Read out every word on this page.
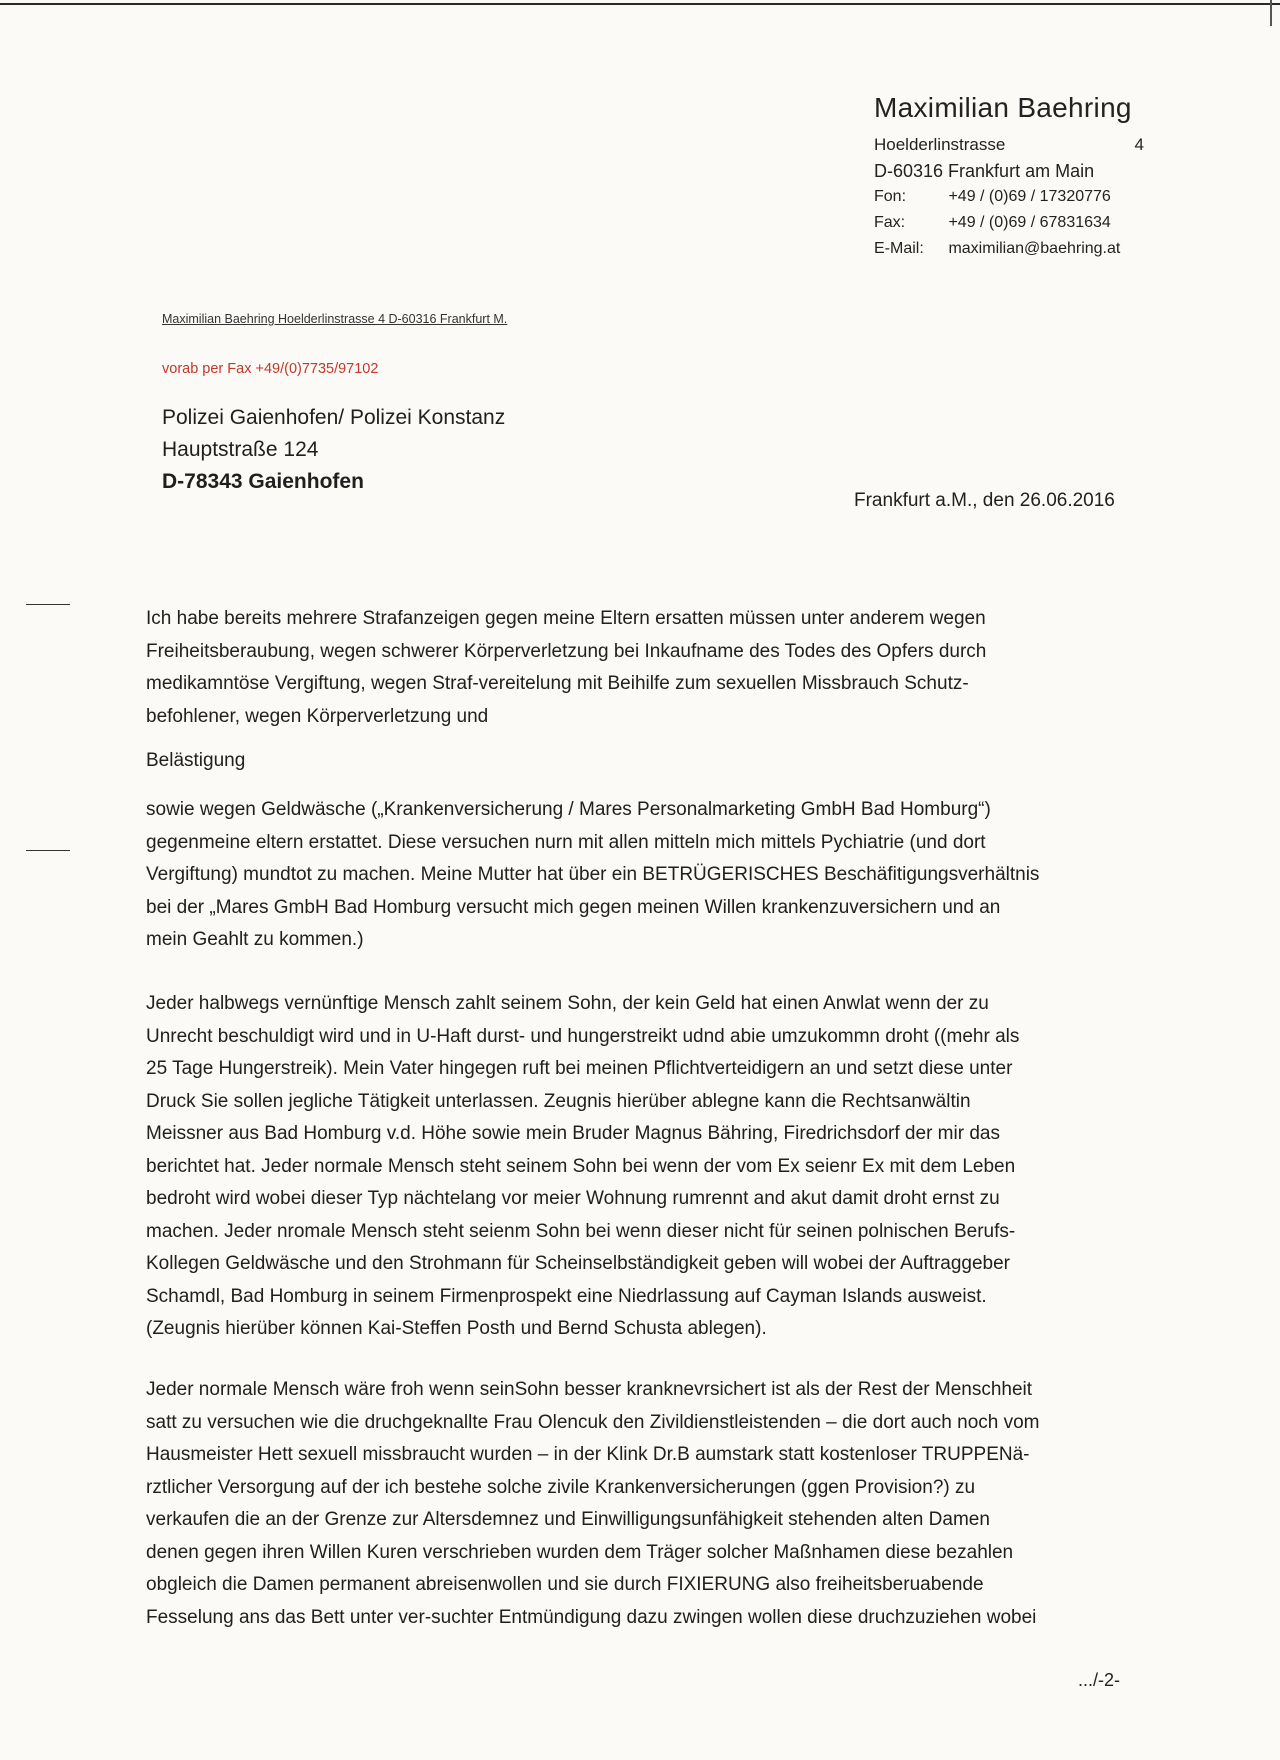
Maximilian Baehring
Hoelderlinstrasse	4
D-60316 Frankfurt am Main
Fon:	+49 / (0)69 / 17320776
Fax:	+49 / (0)69 / 67831634
E-Mail: maximilian@baehring.at
Maximilian Baehring Hoelderlinstrasse 4 D-60316 Frankfurt M.
vorab per Fax +49/(0)7735/97102
Polizei Gaienhofen/ Polizei Konstanz
Hauptstraße 124
D-78343 Gaienhofen
Frankfurt a.M., den 26.06.2016

Ich habe bereits mehrere Strafanzeigen gegen meine Eltern ersatten müssen unter anderem wegen

Freiheitsberaubung, wegen schwerer Körperverletzung bei Inkaufname des Todes des Opfers durch

medikamntöse Vergiftung, wegen Straf-vereitelung mit Beihilfe zum sexuellen Missbrauch Schutz-

befohlener, wegen Körperverletzung und

Belästigung

sowie wegen Geldwäsche („Krankenversicherung / Mares Personalmarketing GmbH Bad Homburg“)

gegenmeine eltern erstattet. Diese versuchen nurn mit allen mitteln mich mittels Pychiatrie (und dort

Vergiftung) mundtot zu machen. Meine Mutter hat über ein BETRÜGERISCHES Beschäfitigungsverhältnis

bei der „Mares GmbH Bad Homburg versucht mich gegen meinen Willen krankenzuversichern und an

mein Geahlt zu kommen.)

Jeder halbwegs vernünftige Mensch zahlt seinem Sohn, der kein Geld hat einen Anwlat wenn der zu

Unrecht beschuldigt wird und in U-Haft durst- und hungerstreikt udnd abie umzukommn droht ((mehr als

25 Tage Hungerstreik). Mein Vater hingegen ruft bei meinen Pflichtverteidigern an und setzt diese unter

Druck Sie sollen jegliche Tätigkeit unterlassen. Zeugnis hierüber ablegne kann die Rechtsanwältin

Meissner aus Bad Homburg v.d. Höhe sowie mein Bruder Magnus Bähring, Firedrichsdorf der mir das

berichtet hat. Jeder normale Mensch steht seinem Sohn bei wenn der vom Ex seienr Ex mit dem Leben

bedroht wird wobei dieser Typ nächtelang vor meier Wohnung rumrennt and akut damit droht ernst zu

machen. Jeder nromale Mensch steht seienm Sohn bei wenn dieser nicht für seinen polnischen Berufs-

Kollegen Geldwäsche und den Strohmann für Scheinselbständigkeit geben will wobei der Auftraggeber

Schamdl, Bad Homburg in seinem Firmenprospekt eine Niedrlassung auf Cayman Islands ausweist.

(Zeugnis hierüber können Kai-Steffen Posth und Bernd Schusta ablegen).

Jeder normale Mensch wäre froh wenn seinSohn besser kranknevrsichert ist als der Rest der Menschheit

satt zu versuchen wie die druchgeknallte Frau Olencuk den Zivildienstleistenden – die dort auch noch vom

Hausmeister Hett sexuell missbraucht wurden – in der Klink Dr.B aumstark statt kostenloser TRUPPENä-

rztlicher Versorgung auf der ich bestehe solche zivile Krankenversicherungen (ggen Provision?) zu

verkaufen die an der Grenze zur Altersdemnez und Einwilligungsunfähigkeit stehenden alten Damen

denen gegen ihren Willen Kuren verschrieben wurden dem Träger solcher Maßnhamen diese bezahlen

obgleich die Damen permanent abreisenwollen und sie durch FIXIERUNG also freiheitsberuabende

Fesselung ans das Bett unter ver-suchter Entmündigung dazu zwingen wollen diese druchzuziehen wobei

.../-2-
